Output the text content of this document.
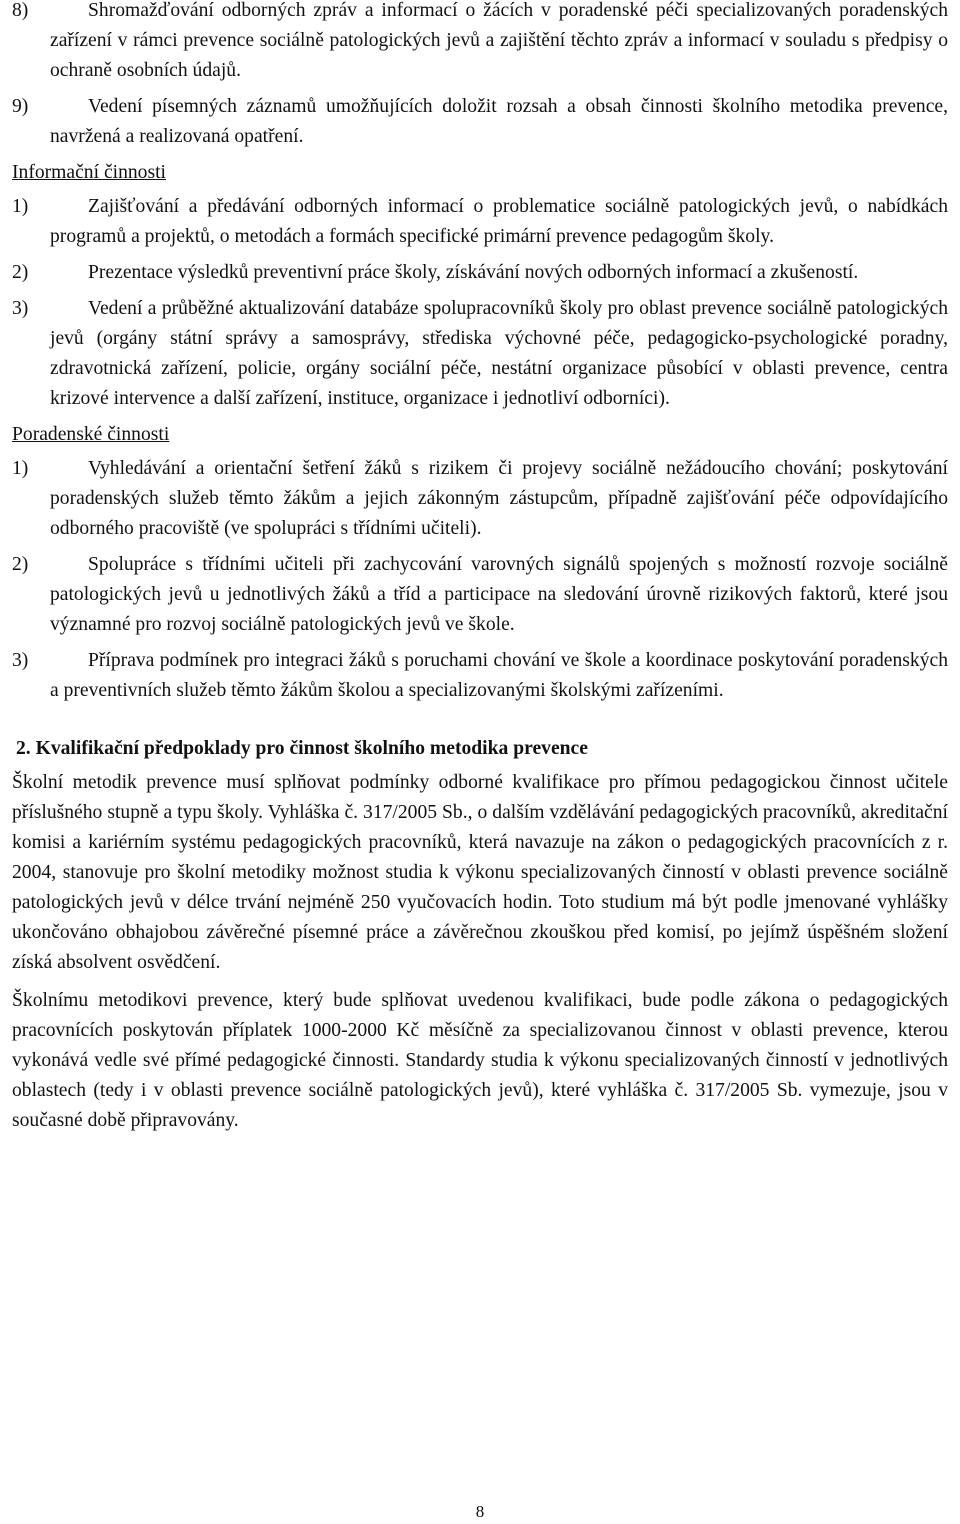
8)	Shromažďování odborných zpráv a informací o žácích v poradenské péči specializovaných poradenských zařízení v rámci prevence sociálně patologických jevů a zajištění těchto zpráv a informací v souladu s předpisy o ochraně osobních údajů.

9)	Vedení písemných záznamů umožňujících doložit rozsah a obsah činnosti školního metodika prevence, navržená a realizovaná opatření.

Informační činnosti

1)	Zajišťování a předávání odborných informací o problematice sociálně patologických jevů, o nabídkách programů a projektů, o metodách a formách specifické primární prevence pedagogům školy.

2)	Prezentace výsledků preventivní práce školy, získávání nových odborných informací a zkušeností.

3)	Vedení a průběžné aktualizování databáze spolupracovníků školy pro oblast prevence sociálně patologických jevů (orgány státní správy a samosprávy, střediska výchovné péče, pedagogicko-psychologické poradny, zdravotnická zařízení, policie, orgány sociální péče, nestátní organizace působící v oblasti prevence, centra krizové intervence a další zařízení, instituce, organizace i jednotliví odborníci).

Poradenské činnosti

1)	Vyhledávání a orientační šetření žáků s rizikem či projevy sociálně nežádoucího chování; poskytování poradenských služeb těmto žákům a jejich zákonným zástupcům, případně zajišťování péče odpovídajícího odborného pracoviště (ve spolupráci s třídními učiteli).

2)	Spolupráce s třídními učiteli při zachycování varovných signálů spojených s možností rozvoje sociálně patologických jevů u jednotlivých žáků a tříd a participace na sledování úrovně rizikových faktorů, které jsou významné pro rozvoj sociálně patologických jevů ve škole.

3)	Příprava podmínek pro integraci žáků s poruchami chování ve škole a koordinace poskytování poradenských a preventivních služeb těmto žákům školou a specializovanými školskými zařízeními.

2. Kvalifikační předpoklady pro činnost školního metodika prevence

Školní metodik prevence musí splňovat podmínky odborné kvalifikace pro přímou pedagogickou činnost učitele příslušného stupně a typu školy. Vyhláška č. 317/2005 Sb., o dalším vzdělávání pedagogických pracovníků, akreditační komisi a kariérním systému pedagogických pracovníků, která navazuje na zákon o pedagogických pracovnících z r. 2004, stanovuje pro školní metodiky možnost studia k výkonu specializovaných činností v oblasti prevence sociálně patologických jevů v délce trvání nejméně 250 vyučovacích hodin. Toto studium má být podle jmenované vyhlášky ukončováno obhajobou závěrečné písemné práce a závěrečnou zkouškou před komisí, po jejímž úspěšném složení získá absolvent osvědčení.

Školnímu metodikovi prevence, který bude splňovat uvedenou kvalifikaci, bude podle zákona o pedagogických pracovnících poskytován příplatek 1000-2000 Kč měsíčně za specializovanou činnost v oblasti prevence, kterou vykonává vedle své přímé pedagogické činnosti. Standardy studia k výkonu specializovaných činností v jednotlivých oblastech (tedy i v oblasti prevence sociálně patologických jevů), které vyhláška č. 317/2005 Sb. vymezuje, jsou v současné době připravovány.

8
